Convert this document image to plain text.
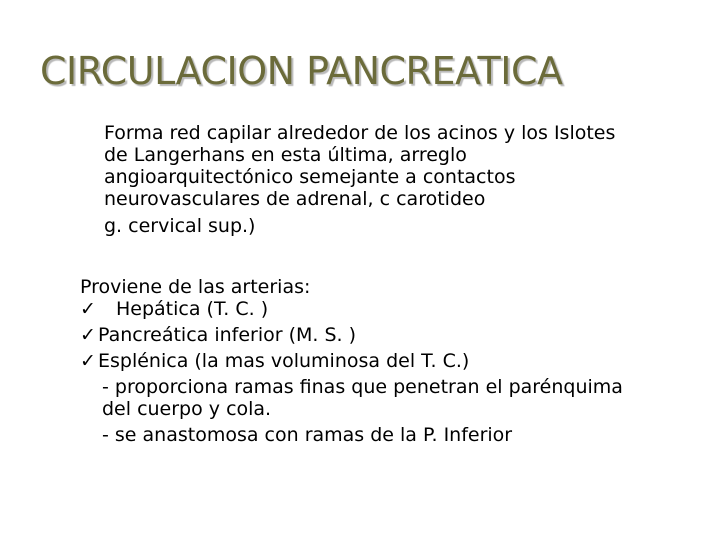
CIRCULACION PANCREATICA
Forma red capilar alrededor de los acinos y los Islotes
de Langerhans en esta última, arreglo
angioarquitectónico semejante a contactos
neurovasculares de adrenal, c carotideo
g. cervical sup.)
Proviene de las arterias:
✓ Hepática (T. C. )
✓ Pancreática inferior (M. S. )
✓ Esplénica (la mas voluminosa del T. C.)
- proporciona ramas finas que penetran el parénquima
del cuerpo y cola.
- se anastomosa con ramas de la P. Inferior
